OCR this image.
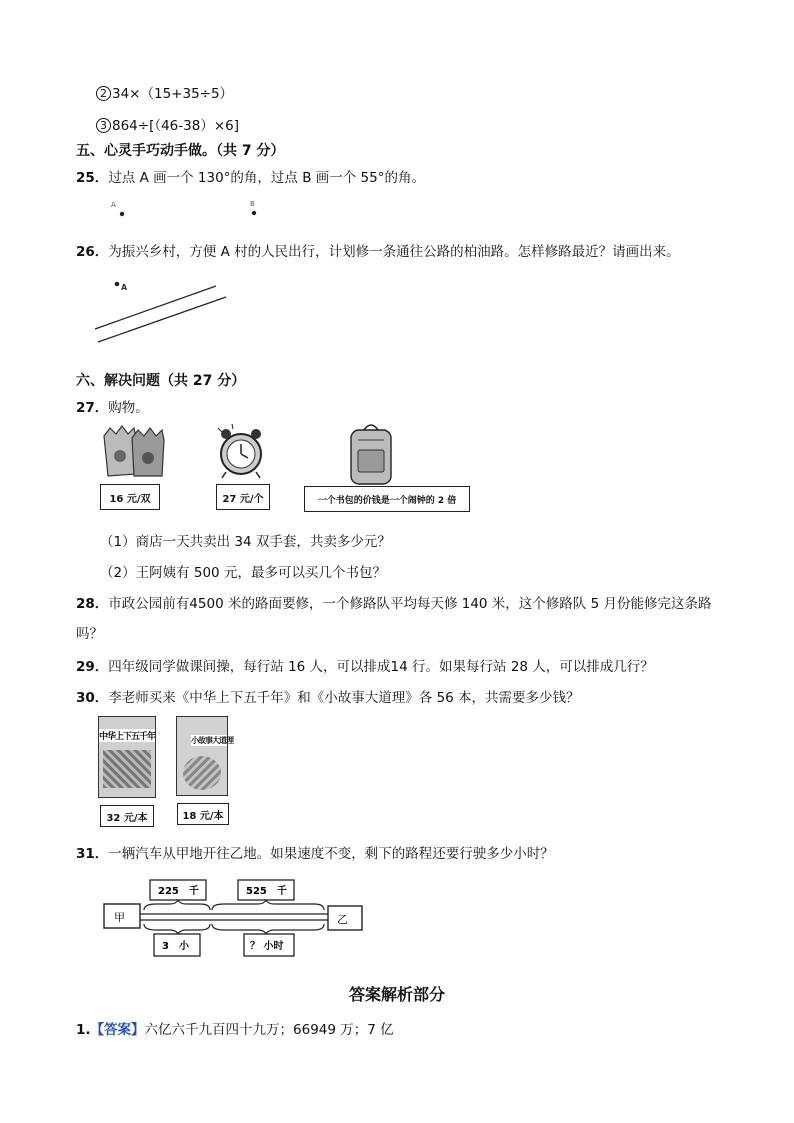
2 34×（15+35÷5）
3 864÷[（46-38）×6]
五、心灵手巧动手做。（共 7 分）
25．过点 A 画一个 130°的角，过点 B 画一个 55°的角。
A	B
26．为振兴乡村，方便 A 村的人民出行，计划修一条通往公路的柏油路。怎样修路最近？请画出来。
A
六、解决问题（共 27 分）
27．购物。
16 元/双	27 元/个	一个书包的价钱是一个闹钟的 2 倍
（1）商店一天共卖出 34 双手套，共卖多少元？
（2）王阿姨有 500 元，最多可以买几个书包？
28．市政公园前有4500 米的路面要修，一个修路队平均每天修 140 米，这个修路队 5 月份能修完这条路
吗？
29．四年级同学做课间操，每行站 16 人，可以排成14 行。如果每行站 28 人，可以排成几行？
30．李老师买来《中华上下五千年》和《小故事大道理》各 56 本，共需要多少钱？
中华上下五千年
32 元/本
小故事大道理
18 元/本
31．一辆汽车从甲地开往乙地。如果速度不变，剩下的路程还要行驶多少小时？
甲	乙
225　千	525　千
3　小	？ 小时
答案解析部分
1.【答案】六亿六千九百四十九万；66949 万；7 亿
